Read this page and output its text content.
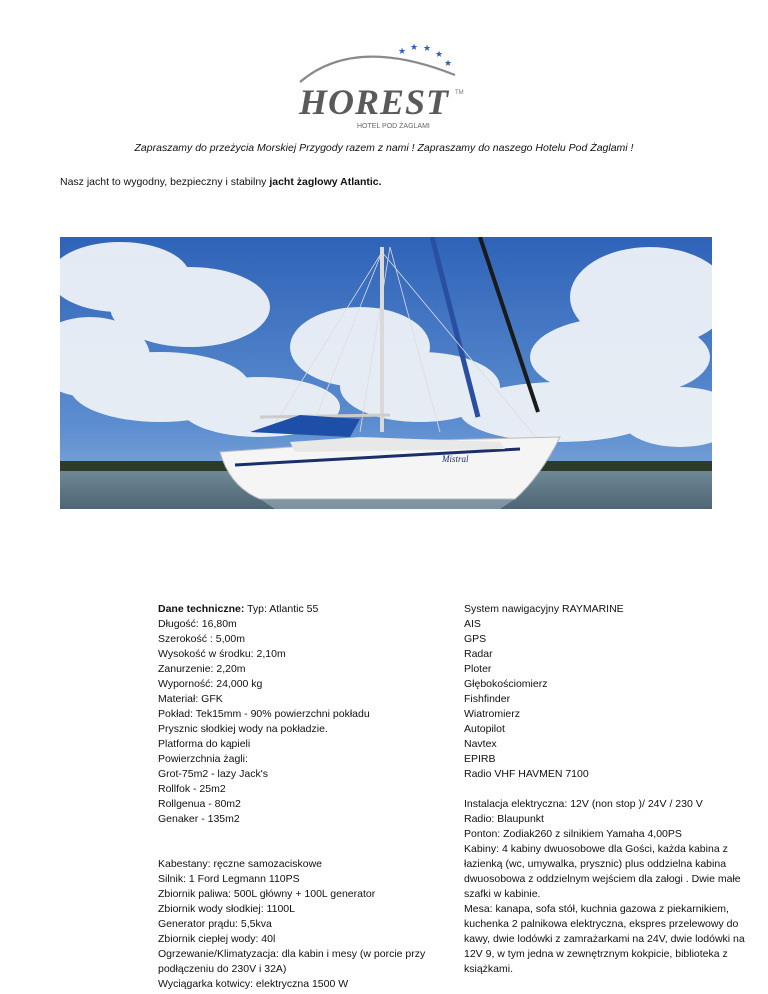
★ ★ ★
★
★
HOREST TM
HOTEL POD ŻAGLAMI
Zapraszamy do przeżycia Morskiej Przygody razem z nami ! Zapraszamy do naszego Hotelu Pod Żaglami !
Nasz jacht to wygodny, bezpieczny i stabilny jacht żaglowy Atlantic.
Mistral
Dane techniczne: Typ: Atlantic 55
Długość: 16,80m
Szerokość : 5,00m
Wysokość w środku: 2,10m
Zanurzenie: 2,20m
Wyporność: 24,000 kg
Materiał: GFK
Pokład: Tek15mm - 90% powierzchni pokładu
Prysznic słodkiej wody na pokładzie.
Platforma do kąpieli
Powierzchnia żagli:
Grot-75m2 - lazy Jack's
Rollfok - 25m2
Rollgenua - 80m2
Genaker - 135m2
Kabestany: ręczne samozaciskowe
Silnik: 1 Ford Legmann 110PS
Zbiornik paliwa: 500L główny + 100L generator
Zbiornik wody słodkiej: 1100L
Generator prądu: 5,5kva
Zbiornik ciepłej wody: 40l
Ogrzewanie/Klimatyzacja: dla kabin i mesy (w porcie przy podłączeniu do 230V i 32A)
Wyciągarka kotwicy: elektryczna 1500 W
System nawigacyjny RAYMARINE
AIS
GPS
Radar
Ploter
Głębokościomierz
Fishfinder
Wiatromierz
Autopilot
Navtex
EPIRB
Radio VHF HAVMEN 7100
Instalacja elektryczna: 12V (non stop )/ 24V / 230 V
Radio: Blaupunkt
Ponton: Zodiak260 z silnikiem Yamaha 4,00PS
Kabiny: 4 kabiny dwuosobowe dla Gości, każda kabina z łazienką (wc, umywalka, prysznic) plus oddzielna kabina dwuosobowa z oddzielnym wejściem dla załogi . Dwie małe szafki w kabinie.
Mesa: kanapa, sofa stół, kuchnia gazowa z piekarnikiem, kuchenka 2 palnikowa elektryczna, ekspres przelewowy do kawy, dwie lodówki z zamrażarkami na 24V, dwie lodówki na 12V 9, w tym jedna w zewnętrznym kokpicie, biblioteka z książkami.
